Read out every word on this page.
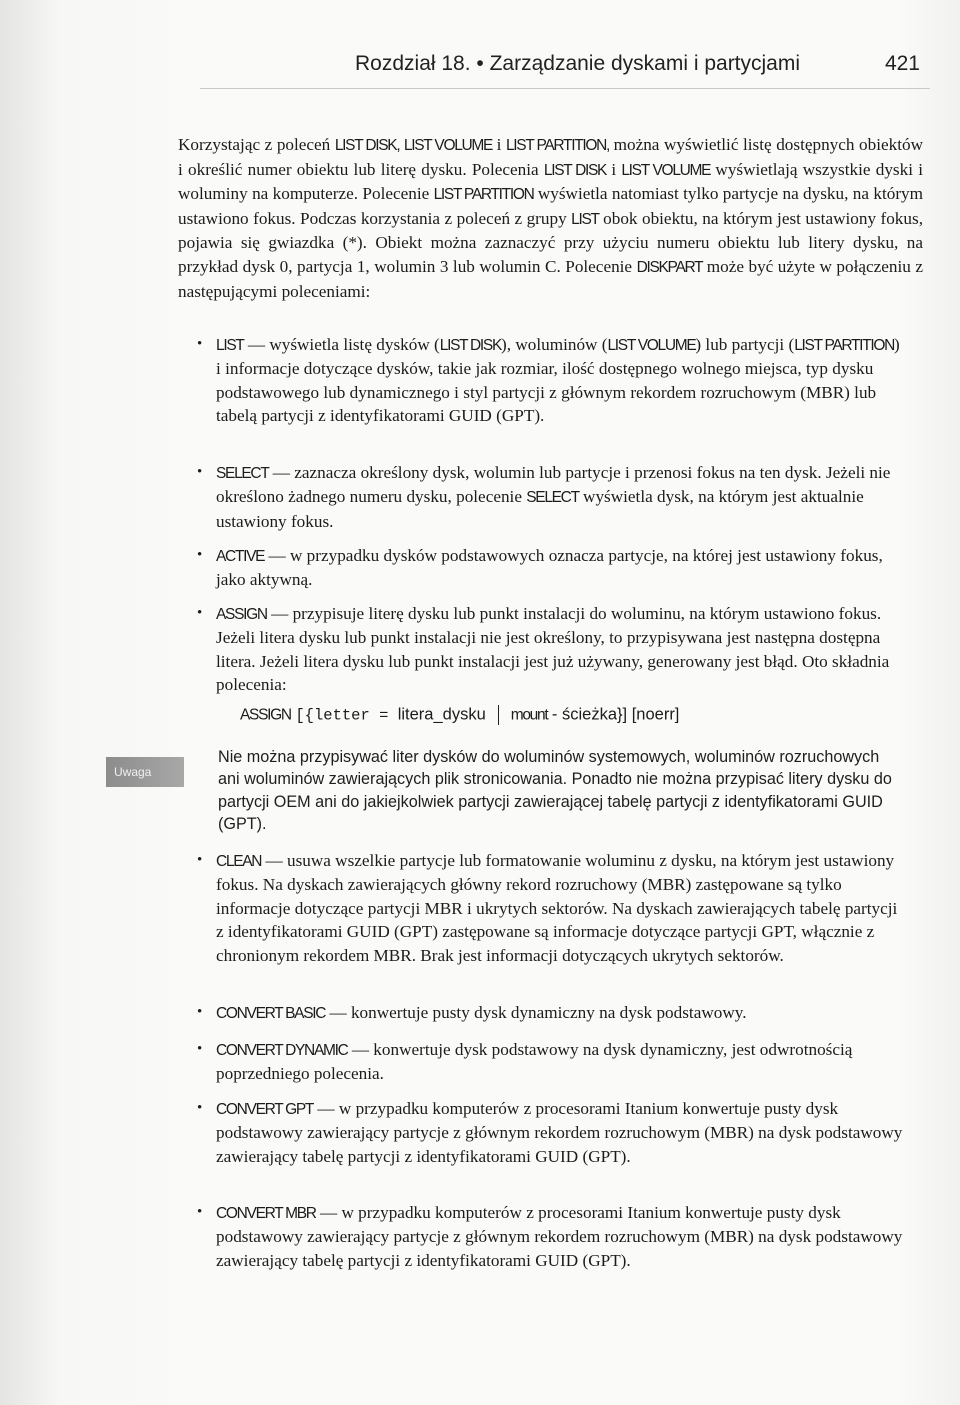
Rozdział 18. • Zarządzanie dyskami i partycjami	421
Korzystając z poleceń LIST DISK, LIST VOLUME i LIST PARTITION, można wyświetlić listę dostępnych obiektów i określić numer obiektu lub literę dysku. Polecenia LIST DISK i LIST VOLUME wyświetlają wszystkie dyski i woluminy na komputerze. Polecenie LIST PARTITION wyświetla natomiast tylko partycje na dysku, na którym ustawiono fokus. Podczas korzystania z poleceń z grupy LIST obok obiektu, na którym jest ustawiony fokus, pojawia się gwiazdka (*). Obiekt można zaznaczyć przy użyciu numeru obiektu lub litery dysku, na przykład dysk 0, partycja 1, wolumin 3 lub wolumin C. Polecenie DISKPART może być użyte w połączeniu z następującymi poleceniami:
• LIST — wyświetla listę dysków (LIST DISK), woluminów (LIST VOLUME) lub partycji (LIST PARTITION) i informacje dotyczące dysków, takie jak rozmiar, ilość dostępnego wolnego miejsca, typ dysku podstawowego lub dynamicznego i styl partycji z głównym rekordem rozruchowym (MBR) lub tabelą partycji z identyfikatorami GUID (GPT).
• SELECT — zaznacza określony dysk, wolumin lub partycje i przenosi fokus na ten dysk. Jeżeli nie określono żadnego numeru dysku, polecenie SELECT wyświetla dysk, na którym jest aktualnie ustawiony fokus.
• ACTIVE — w przypadku dysków podstawowych oznacza partycje, na której jest ustawiony fokus, jako aktywną.
• ASSIGN — przypisuje literę dysku lub punkt instalacji do woluminu, na którym ustawiono fokus. Jeżeli litera dysku lub punkt instalacji nie jest określony, to przypisywana jest następna dostępna litera. Jeżeli litera dysku lub punkt instalacji jest już używany, generowany jest błąd. Oto składnia polecenia:
ASSIGN [{letter = litera_dysku mount - ścieżka}] [noerr]
Uwaga
Nie można przypisywać liter dysków do woluminów systemowych, woluminów rozruchowych ani woluminów zawierających plik stronicowania. Ponadto nie można przypisać litery dysku do partycji OEM ani do jakiejkolwiek partycji zawierającej tabelę partycji z identyfikatorami GUID (GPT).
• CLEAN — usuwa wszelkie partycje lub formatowanie woluminu z dysku, na którym jest ustawiony fokus. Na dyskach zawierających główny rekord rozruchowy (MBR) zastępowane są tylko informacje dotyczące partycji MBR i ukrytych sektorów. Na dyskach zawierających tabelę partycji z identyfikatorami GUID (GPT) zastępowane są informacje dotyczące partycji GPT, włącznie z chronionym rekordem MBR. Brak jest informacji dotyczących ukrytych sektorów.
• CONVERT BASIC — konwertuje pusty dysk dynamiczny na dysk podstawowy.
• CONVERT DYNAMIC — konwertuje dysk podstawowy na dysk dynamiczny, jest odwrotnością poprzedniego polecenia.
• CONVERT GPT — w przypadku komputerów z procesorami Itanium konwertuje pusty dysk podstawowy zawierający partycje z głównym rekordem rozruchowym (MBR) na dysk podstawowy zawierający tabelę partycji z identyfikatorami GUID (GPT).
• CONVERT MBR — w przypadku komputerów z procesorami Itanium konwertuje pusty dysk podstawowy zawierający partycje z głównym rekordem rozruchowym (MBR) na dysk podstawowy zawierający tabelę partycji z identyfikatorami GUID (GPT).
